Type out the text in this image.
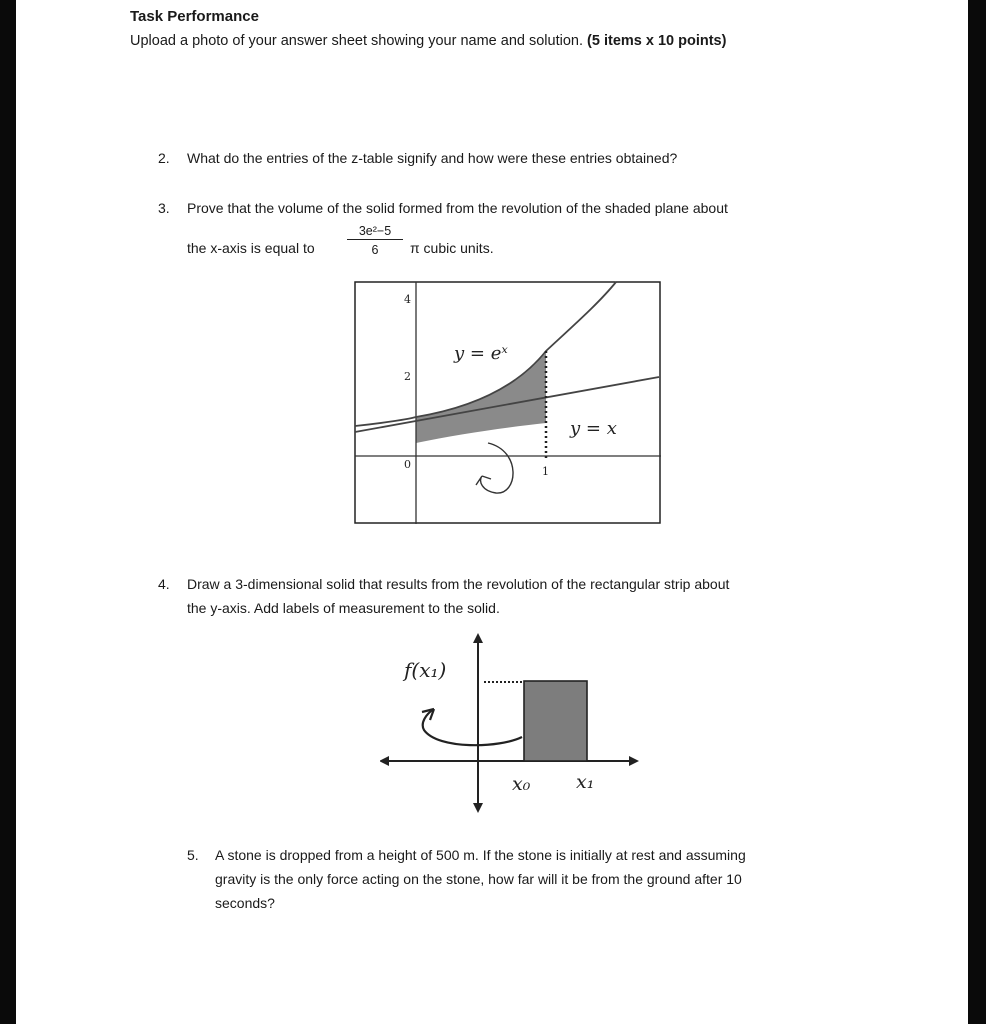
Task Performance
Upload a photo of your answer sheet showing your name and solution. (5 items x 10 points)
2. What do the entries of the z-table signify and how were these entries obtained?
3. Prove that the volume of the solid formed from the revolution of the shaded plane about
the x-axis is equal to	$\frac{\text{3e²−5}}{6}$ π cubic units.
4
2
0
1
y = eˣ
y = x
4. Draw a 3-dimensional solid that results from the revolution of the rectangular strip about
the y-axis. Add labels of measurement to the solid.
f(x₁)
x₀ x₁
5. A stone is dropped from a height of 500 m. If the stone is initially at rest and assuming
gravity is the only force acting on the stone, how far will it be from the ground after 10
seconds?
